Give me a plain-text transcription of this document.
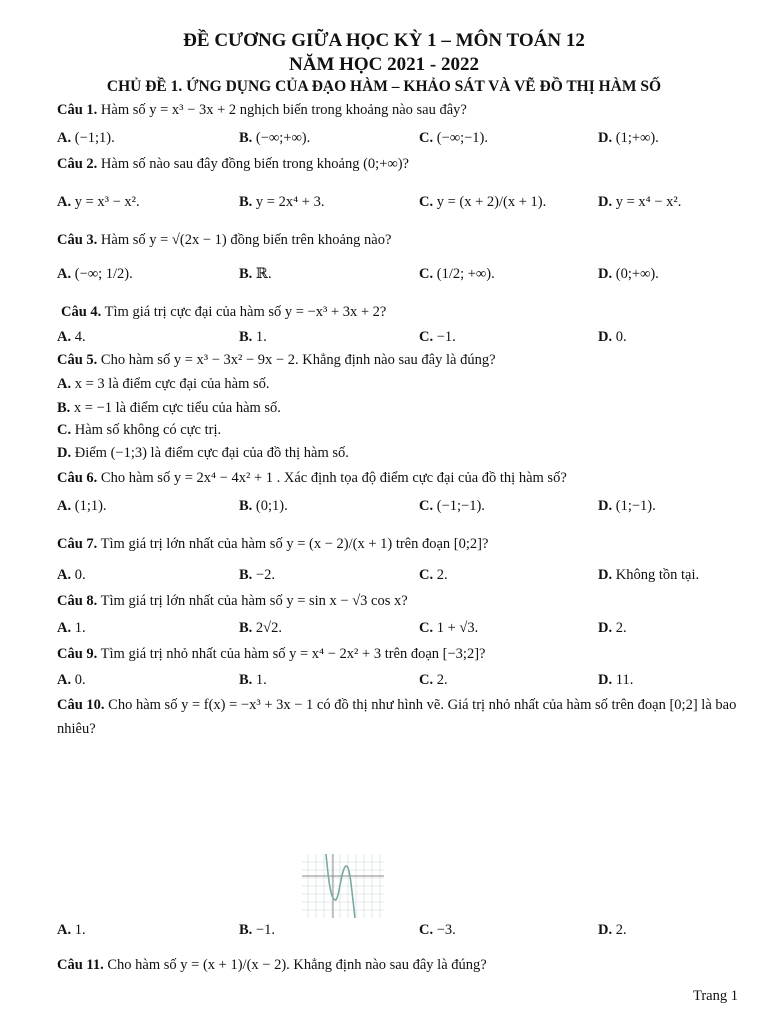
ĐỀ CƯƠNG GIỮA HỌC KỲ 1 – MÔN TOÁN 12
NĂM HỌC 2021 - 2022
CHỦ ĐỀ 1. ỨNG DỤNG CỦA ĐẠO HÀM – KHẢO SÁT VÀ VẼ ĐỒ THỊ HÀM SỐ

Câu 1. Hàm số y = x³ − 3x + 2 nghịch biến trong khoảng nào sau đây?

A. (−1;1).	B. (−∞;+∞).	C. (−∞;−1).	D. (1;+∞).

Câu 2. Hàm số nào sau đây đồng biến trong khoảng (0;+∞)?

A. y = x³ − x².	B. y = 2x⁴ + 3.	C. y = (x + 2)/(x + 1).	D. y = x⁴ − x².

Câu 3. Hàm số y = √(2x − 1) đồng biến trên khoảng nào?

A. (−∞; 1/2).	B. ℝ.	C. (1/2; +∞).	D. (0;+∞).

Câu 4. Tìm giá trị cực đại của hàm số y = −x³ + 3x + 2?

A. 4.	B. 1.	C. −1.	D. 0.

Câu 5. Cho hàm số y = x³ − 3x² − 9x − 2. Khẳng định nào sau đây là đúng?

A. x = 3 là điểm cực đại của hàm số.
B. x = −1 là điểm cực tiểu của hàm số.
C. Hàm số không có cực trị.
D. Điểm (−1;3) là điểm cực đại của đồ thị hàm số.

Câu 6. Cho hàm số y = 2x⁴ − 4x² + 1 . Xác định tọa độ điểm cực đại của đồ thị hàm số?

A. (1;1).	B. (0;1).	C. (−1;−1).	D. (1;−1).

Câu 7. Tìm giá trị lớn nhất của hàm số y = (x − 2)/(x + 1) trên đoạn [0;2]?

A. 0.	B. −2.	C. 2.	D. Không tồn tại.

Câu 8. Tìm giá trị lớn nhất của hàm số y = sin x − √3 cos x?

A. 1.	B. 2√2.	C. 1 + √3.	D. 2.

Câu 9. Tìm giá trị nhỏ nhất của hàm số y = x⁴ − 2x² + 3 trên đoạn [−3;2]?

A. 0.	B. 1.	C. 2.	D. 11.

Câu 10. Cho hàm số y = f(x) = −x³ + 3x − 1 có đồ thị như hình vẽ. Giá trị nhỏ nhất của hàm số trên đoạn [0;2] là bao nhiêu?

A. 1.	B. −1.	C. −3.	D. 2.

Câu 11. Cho hàm số y = (x + 1)/(x − 2). Khẳng định nào sau đây là đúng?

Trang 1
